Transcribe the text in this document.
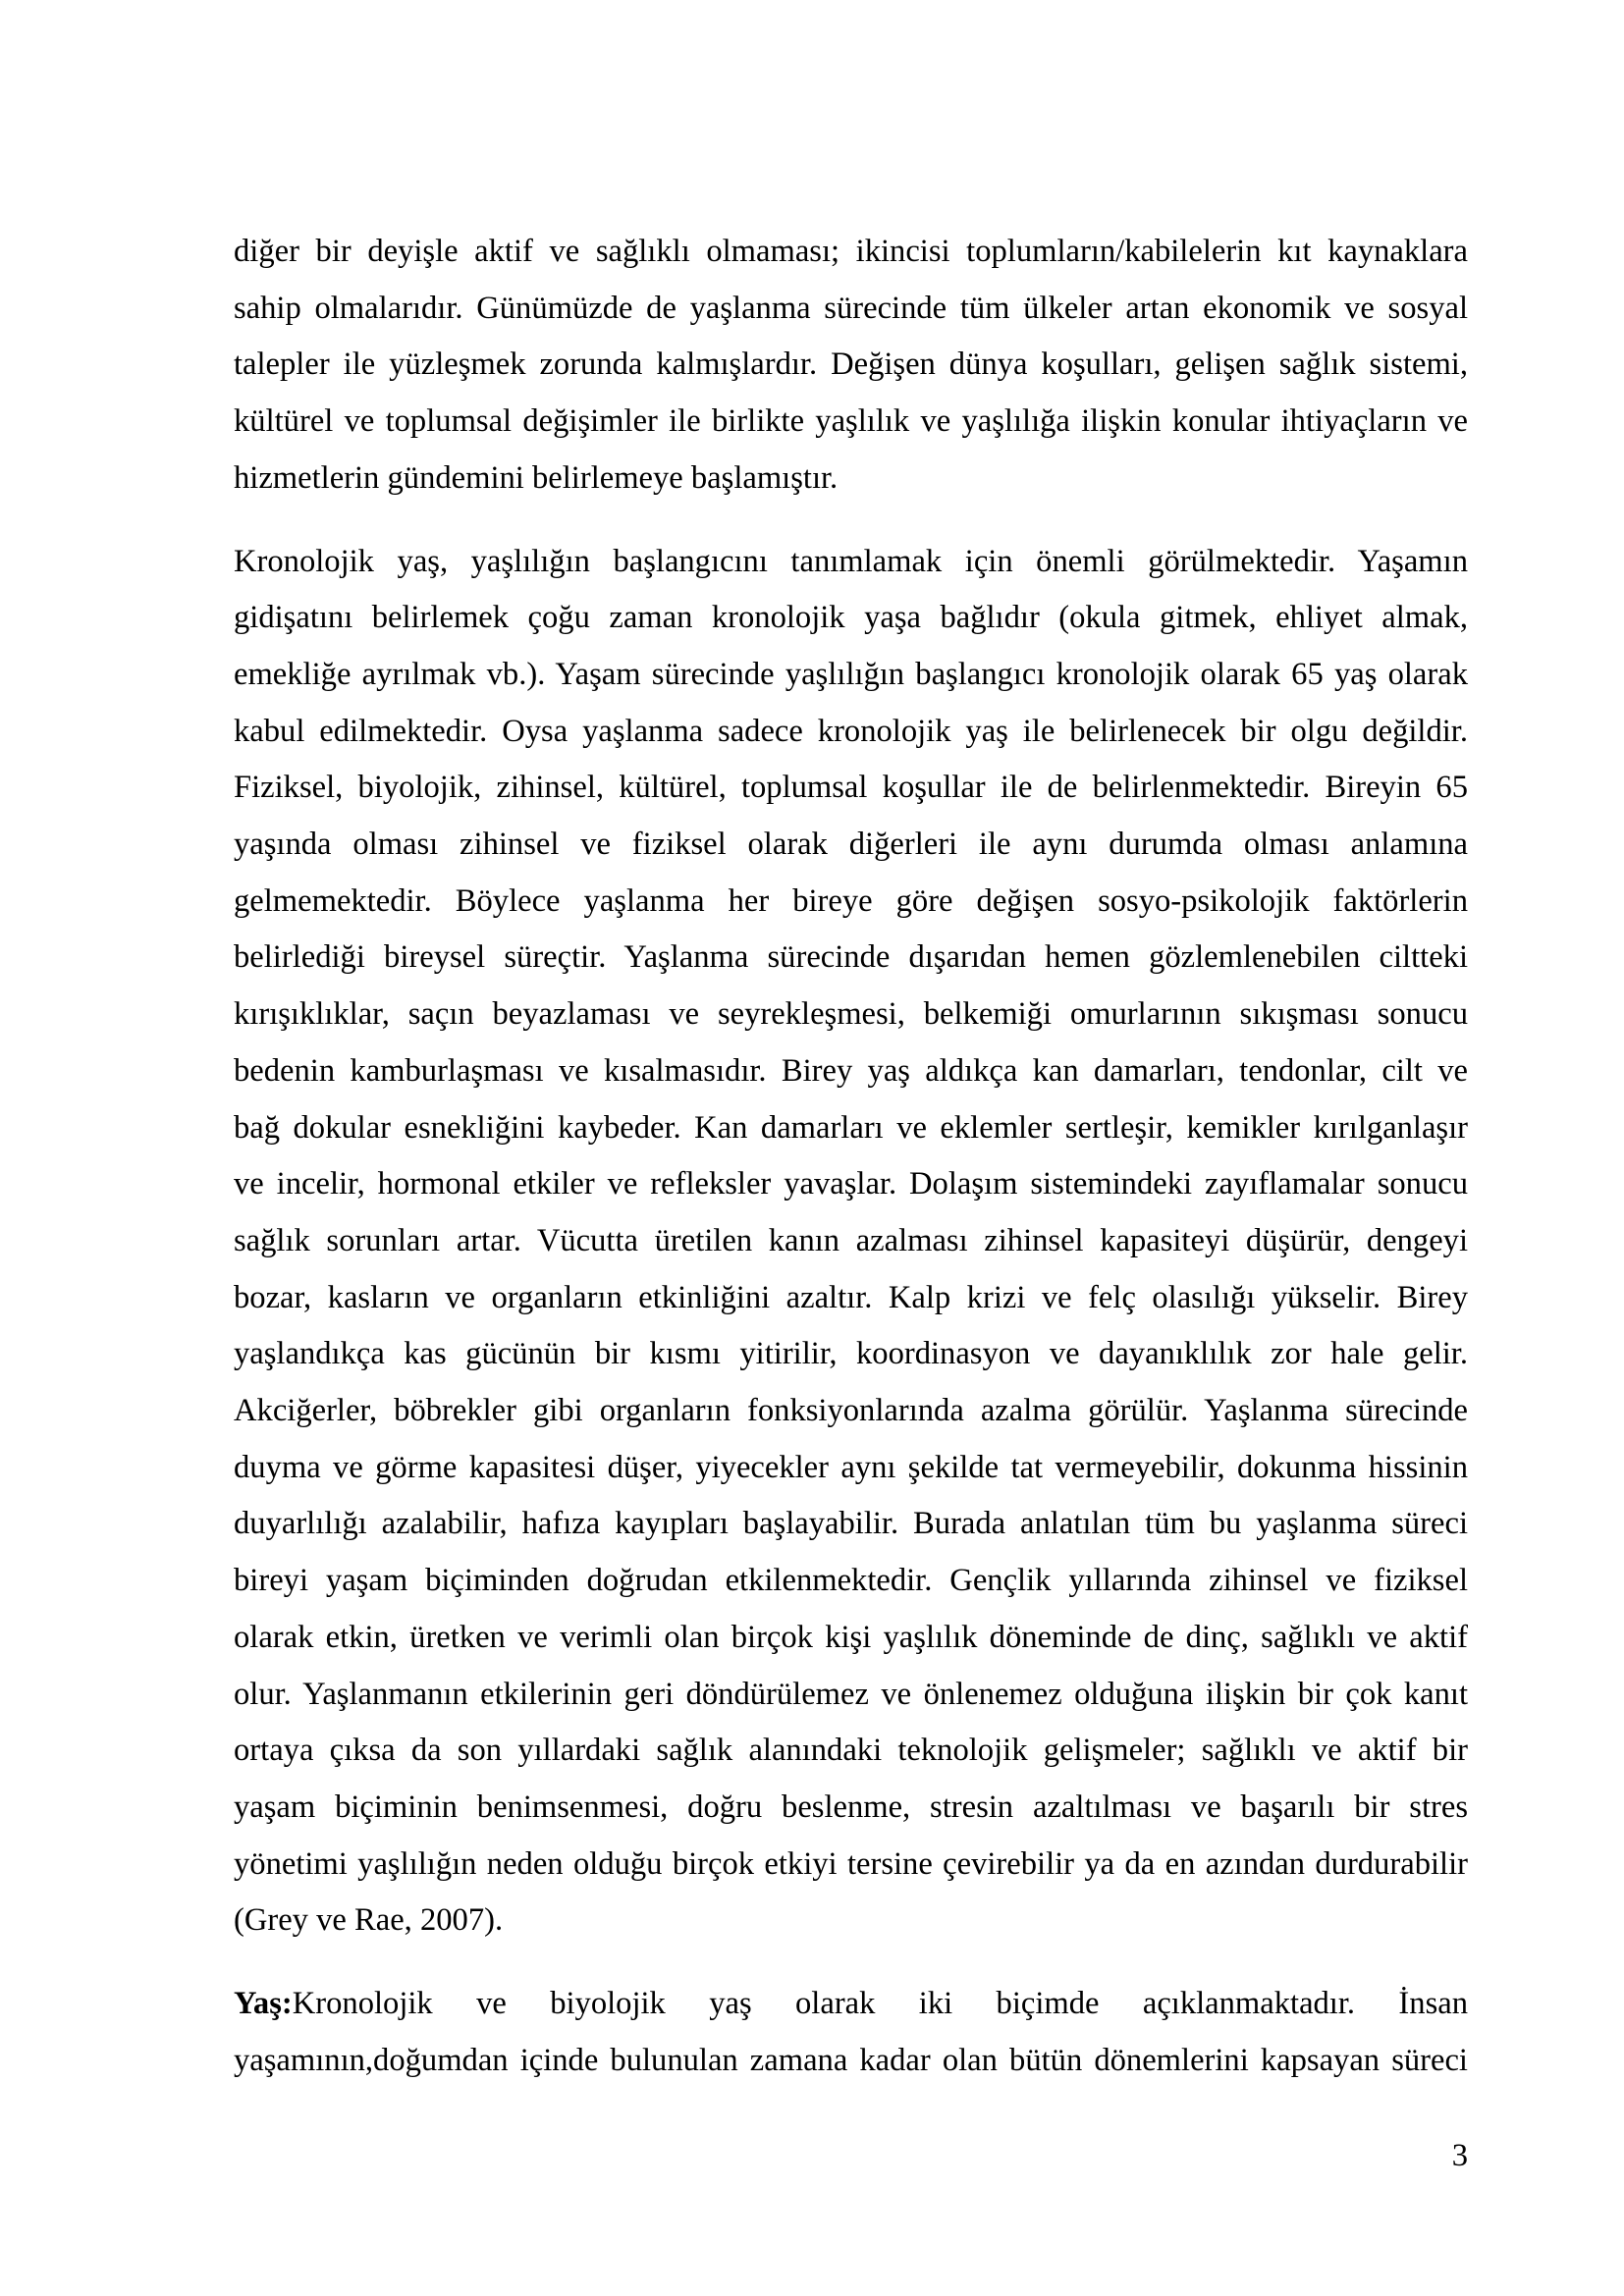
diğer bir deyişle aktif ve sağlıklı olmaması; ikincisi toplumların/kabilelerin kıt kaynaklara
sahip olmalarıdır. Günümüzde de yaşlanma sürecinde tüm ülkeler artan ekonomik ve sosyal
talepler ile yüzleşmek zorunda kalmışlardır. Değişen dünya koşulları, gelişen sağlık sistemi,
kültürel ve toplumsal değişimler ile birlikte yaşlılık ve yaşlılığa ilişkin konular ihtiyaçların ve
hizmetlerin gündemini belirlemeye başlamıştır.
Kronolojik yaş, yaşlılığın başlangıcını tanımlamak için önemli görülmektedir. Yaşamın
gidişatını belirlemek çoğu zaman kronolojik yaşa bağlıdır (okula gitmek, ehliyet almak,
emekliğe ayrılmak vb.). Yaşam sürecinde yaşlılığın başlangıcı kronolojik olarak 65 yaş olarak
kabul edilmektedir. Oysa yaşlanma sadece kronolojik yaş ile belirlenecek bir olgu değildir.
Fiziksel, biyolojik, zihinsel, kültürel, toplumsal koşullar ile de belirlenmektedir. Bireyin 65
yaşında olması zihinsel ve fiziksel olarak diğerleri ile aynı durumda olması anlamına
gelmemektedir. Böylece yaşlanma her bireye göre değişen sosyo-psikolojik faktörlerin
belirlediği bireysel süreçtir. Yaşlanma sürecinde dışarıdan hemen gözlemlenebilen ciltteki
kırışıklıklar, saçın beyazlaması ve seyrekleşmesi, belkemiği omurlarının sıkışması sonucu
bedenin kamburlaşması ve kısalmasıdır. Birey yaş aldıkça kan damarları, tendonlar, cilt ve
bağ dokular esnekliğini kaybeder. Kan damarları ve eklemler sertleşir, kemikler kırılganlaşır
ve incelir, hormonal etkiler ve refleksler yavaşlar. Dolaşım sistemindeki zayıflamalar sonucu
sağlık sorunları artar. Vücutta üretilen kanın azalması zihinsel kapasiteyi düşürür, dengeyi
bozar, kasların ve organların etkinliğini azaltır. Kalp krizi ve felç olasılığı yükselir. Birey
yaşlandıkça kas gücünün bir kısmı yitirilir, koordinasyon ve dayanıklılık zor hale gelir.
Akciğerler, böbrekler gibi organların fonksiyonlarında azalma görülür. Yaşlanma sürecinde
duyma ve görme kapasitesi düşer, yiyecekler aynı şekilde tat vermeyebilir, dokunma hissinin
duyarlılığı azalabilir, hafıza kayıpları başlayabilir. Burada anlatılan tüm bu yaşlanma süreci
bireyi yaşam biçiminden doğrudan etkilenmektedir. Gençlik yıllarında zihinsel ve fiziksel
olarak etkin, üretken ve verimli olan birçok kişi yaşlılık döneminde de dinç, sağlıklı ve aktif
olur. Yaşlanmanın etkilerinin geri döndürülemez ve önlenemez olduğuna ilişkin bir çok kanıt
ortaya çıksa da son yıllardaki sağlık alanındaki teknolojik gelişmeler; sağlıklı ve aktif bir
yaşam biçiminin benimsenmesi, doğru beslenme, stresin azaltılması ve başarılı bir stres
yönetimi yaşlılığın neden olduğu birçok etkiyi tersine çevirebilir ya da en azından durdurabilir
(Grey ve Rae, 2007).
Yaş:Kronolojik ve biyolojik yaş olarak iki biçimde açıklanmaktadır. İnsan
yaşamının,doğumdan içinde bulunulan zamana kadar olan bütün dönemlerini kapsayan süreci
3
